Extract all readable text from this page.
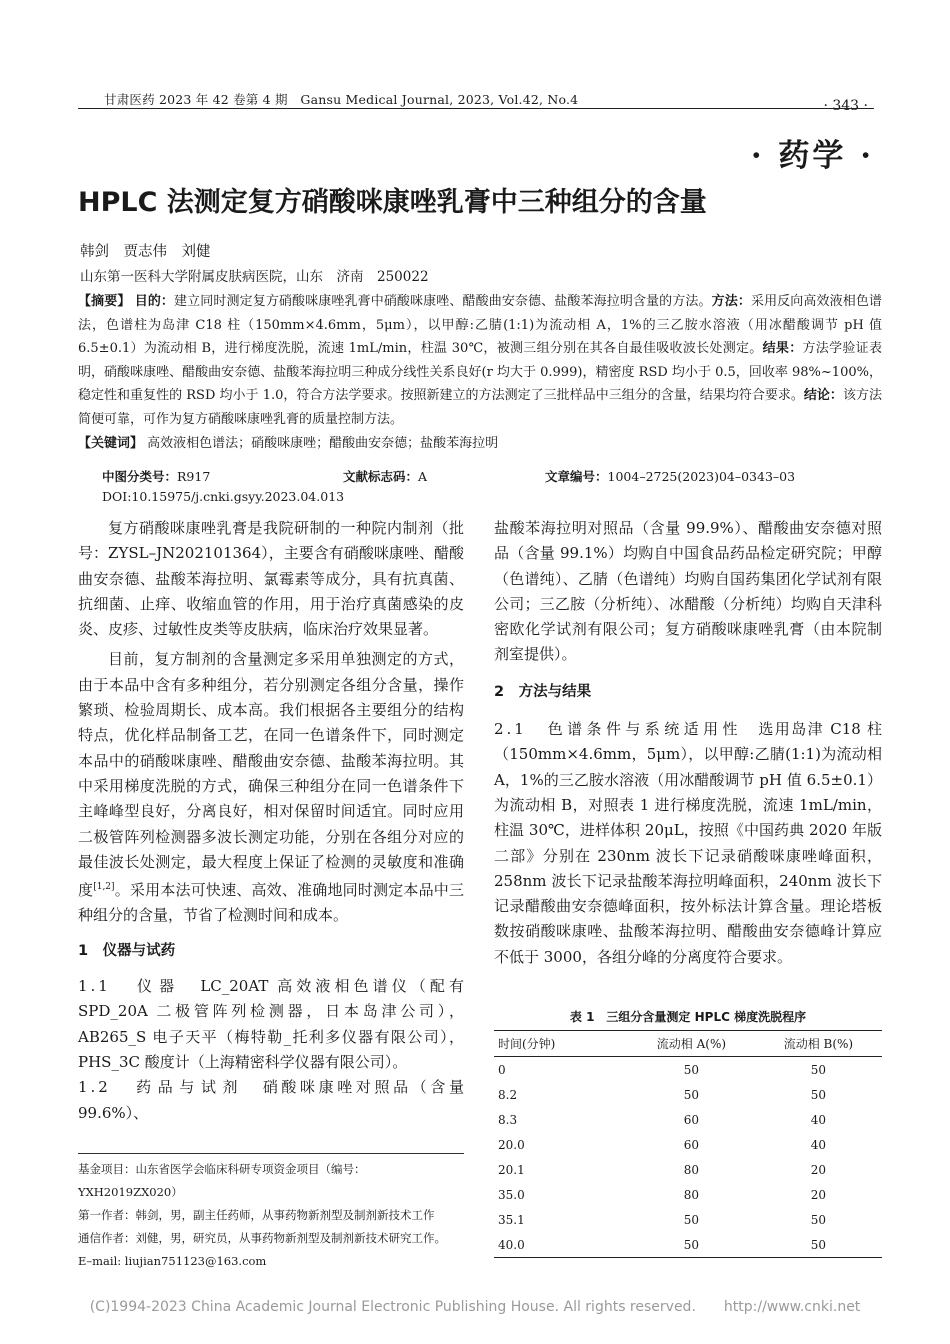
甘肃医药 2023 年 42 卷第 4 期　Gansu Medical Journal, 2023, Vol.42, No.4	· 343 ·
· 药学 ·
HPLC 法测定复方硝酸咪康唑乳膏中三种组分的含量
韩剑　贾志伟　刘健
山东第一医科大学附属皮肤病医院，山东　济南　250022
【摘要】 目的：建立同时测定复方硝酸咪康唑乳膏中硝酸咪康唑、醋酸曲安奈德、盐酸苯海拉明含量的方法。方法：采用反向高效液相色谱法，色谱柱为岛津 C18 柱（150mm×4.6mm，5μm），以甲醇:乙腈(1:1)为流动相 A，1%的三乙胺水溶液（用冰醋酸调节 pH 值 6.5±0.1）为流动相 B，进行梯度洗脱，流速 1mL/min，柱温 30℃，被测三组分别在其各自最佳吸收波长处测定。结果：方法学验证表明，硝酸咪康唑、醋酸曲安奈德、盐酸苯海拉明三种成分线性关系良好(r 均大于 0.999)，精密度 RSD 均小于 0.5，回收率 98%~100%，稳定性和重复性的 RSD 均小于 1.0，符合方法学要求。按照新建立的方法测定了三批样品中三组分的含量，结果均符合要求。结论：该方法简便可靠，可作为复方硝酸咪康唑乳膏的质量控制方法。
【关键词】 高效液相色谱法；硝酸咪康唑；醋酸曲安奈德；盐酸苯海拉明
中图分类号：R917	文献标志码：A	文章编号：1004–2725(2023)04–0343–03
DOI:10.15975/j.cnki.gsyy.2023.04.013

复方硝酸咪康唑乳膏是我院研制的一种院内制剂（批号：ZYSL–JN202101364），主要含有硝酸咪康唑、醋酸曲安奈德、盐酸苯海拉明、氯霉素等成分，具有抗真菌、抗细菌、止痒、收缩血管的作用，用于治疗真菌感染的皮炎、皮疹、过敏性皮类等皮肤病，临床治疗效果显著。

目前，复方制剂的含量测定多采用单独测定的方式，由于本品中含有多种组分，若分别测定各组分含量，操作繁琐、检验周期长、成本高。我们根据各主要组分的结构特点，优化样品制备工艺，在同一色谱条件下，同时测定本品中的硝酸咪康唑、醋酸曲安奈德、盐酸苯海拉明。其中采用梯度洗脱的方式，确保三种组分在同一色谱条件下主峰峰型良好，分离良好，相对保留时间适宜。同时应用二极管阵列检测器多波长测定功能，分别在各组分对应的最佳波长处测定，最大程度上保证了检测的灵敏度和准确度[1,2]。采用本法可快速、高效、准确地同时测定本品中三种组分的含量，节省了检测时间和成本。

1　仪器与试药

1.1　仪器　 LC_20AT 高效液相色谱仪（配有 SPD_20A 二极管阵列检测器，日本岛津公司），AB265_S 电子天平（梅特勒_托利多仪器有限公司），PHS_3C 酸度计（上海精密科学仪器有限公司）。

1.2　药品与试剂　 硝酸咪康唑对照品（含量 99.6%）、

盐酸苯海拉明对照品（含量 99.9%）、醋酸曲安奈德对照品（含量 99.1%）均购自中国食品药品检定研究院；甲醇（色谱纯）、乙腈（色谱纯）均购自国药集团化学试剂有限公司；三乙胺（分析纯）、冰醋酸（分析纯）均购自天津科密欧化学试剂有限公司；复方硝酸咪康唑乳膏（由本院制剂室提供）。

2　方法与结果

2.1　色谱条件与系统适用性　 选用岛津 C18 柱（150mm×4.6mm，5μm），以甲醇:乙腈(1:1)为流动相 A，1%的三乙胺水溶液（用冰醋酸调节 pH 值 6.5±0.1）为流动相 B，对照表 1 进行梯度洗脱，流速 1mL/min，柱温 30℃，进样体积 20μL，按照《中国药典 2020 年版二部》分别在 230nm 波长下记录硝酸咪康唑峰面积，258nm 波长下记录盐酸苯海拉明峰面积，240nm 波长下记录醋酸曲安奈德峰面积，按外标法计算含量。理论塔板数按硝酸咪康唑、盐酸苯海拉明、醋酸曲安奈德峰计算应不低于 3000，各组分峰的分离度符合要求。

表 1　三组分含量测定 HPLC 梯度洗脱程序
时间(分钟)	流动相 A(%)	流动相 B(%)
0	50	50
8.2	50	50
8.3	60	40
20.0	60	40
20.1	80	20
35.0	80	20
35.1	50	50
40.0	50	50
基金项目：山东省医学会临床科研专项资金项目（编号：
YXH2019ZX020）
第一作者：韩剑，男，副主任药师，从事药物新剂型及制剂新技术工作
通信作者：刘健，男，研究员，从事药物新剂型及制剂新技术研究工作。
E–mail: liujian751123@163.com
(C)1994-2023 China Academic Journal Electronic Publishing House. All rights reserved.　　http://www.cnki.net
